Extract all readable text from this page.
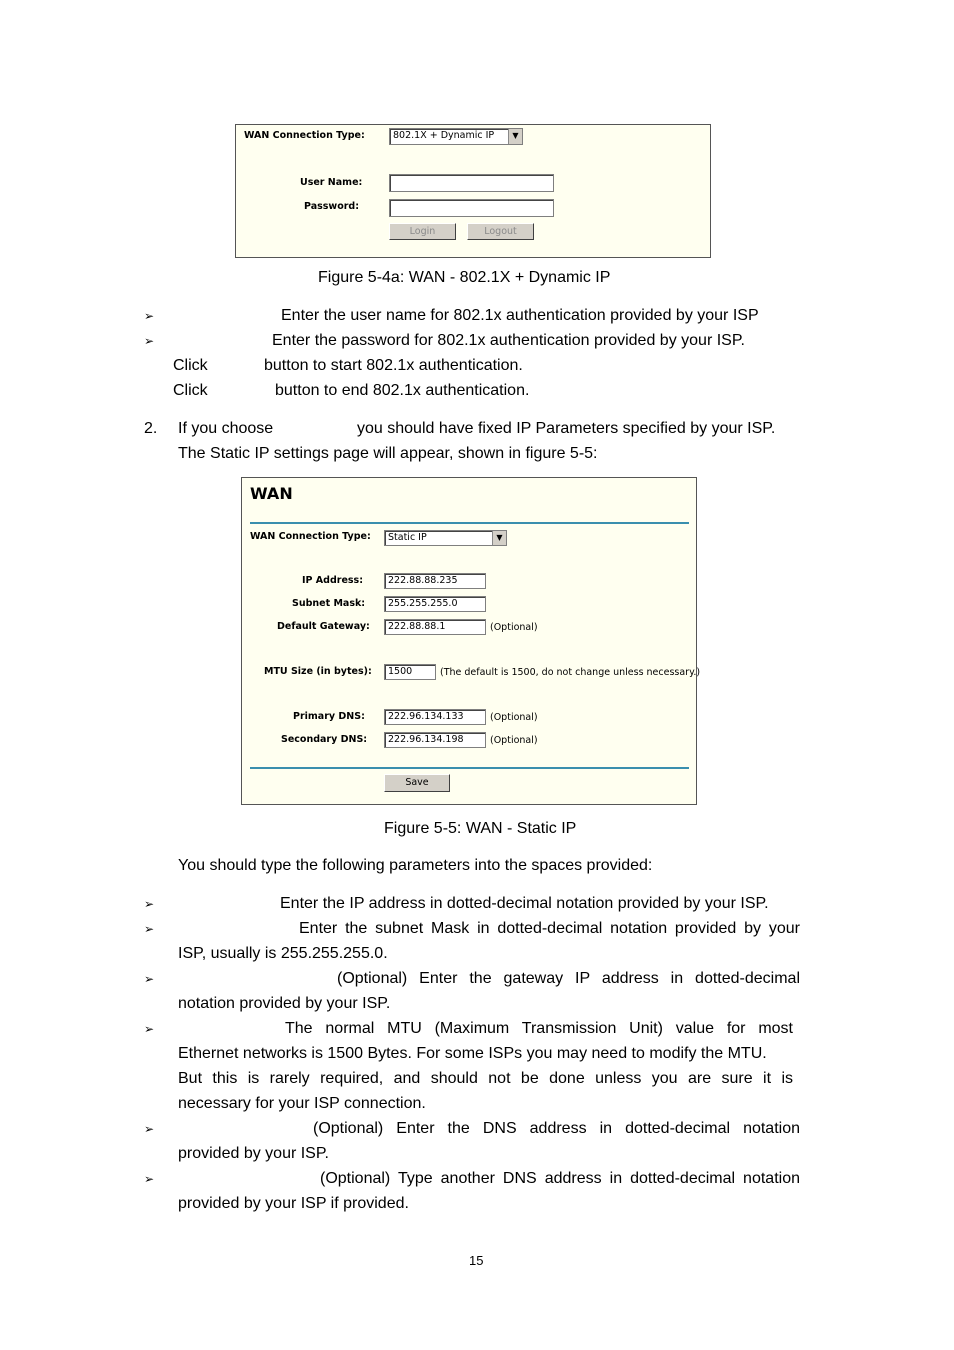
WAN Connection Type:	802.1X + Dynamic IP	▼
User Name:
Password:
Login	Logout
Figure 5-4a: WAN - 802.1X + Dynamic IP
➢	Enter the user name for 802.1x authentication provided by your ISP
➢	Enter the password for 802.1x authentication provided by your ISP.
Click	button to start 802.1x authentication.
Click	button to end 802.1x authentication.
2. If you choose	you should have fixed IP Parameters specified by your ISP.
The Static IP settings page will appear, shown in figure 5-5:
WAN
WAN Connection Type:	Static IP	▼
IP Address:	222.88.88.235
Subnet Mask:	255.255.255.0
Default Gateway:	222.88.88.1	(Optional)
MTU Size (in bytes):	1500	(The default is 1500, do not change unless necessary.)
Primary DNS:	222.96.134.133	(Optional)
Secondary DNS:	222.96.134.198	(Optional)
Save
Figure 5-5: WAN - Static IP
You should type the following parameters into the spaces provided:
➢	Enter the IP address in dotted-decimal notation provided by your ISP.
➢	Enter the subnet Mask in dotted-decimal notation provided by your
ISP, usually is 255.255.255.0.
➢	(Optional) Enter the gateway IP address in dotted-decimal
notation provided by your ISP.
➢	The normal MTU (Maximum Transmission Unit) value for most
Ethernet networks is 1500 Bytes. For some ISPs you may need to modify the MTU.
But this is rarely required, and should not be done unless you are sure it is
necessary for your ISP connection.
➢	(Optional) Enter the DNS address in dotted-decimal notation
provided by your ISP.
➢	(Optional) Type another DNS address in dotted-decimal notation
provided by your ISP if provided.
15
